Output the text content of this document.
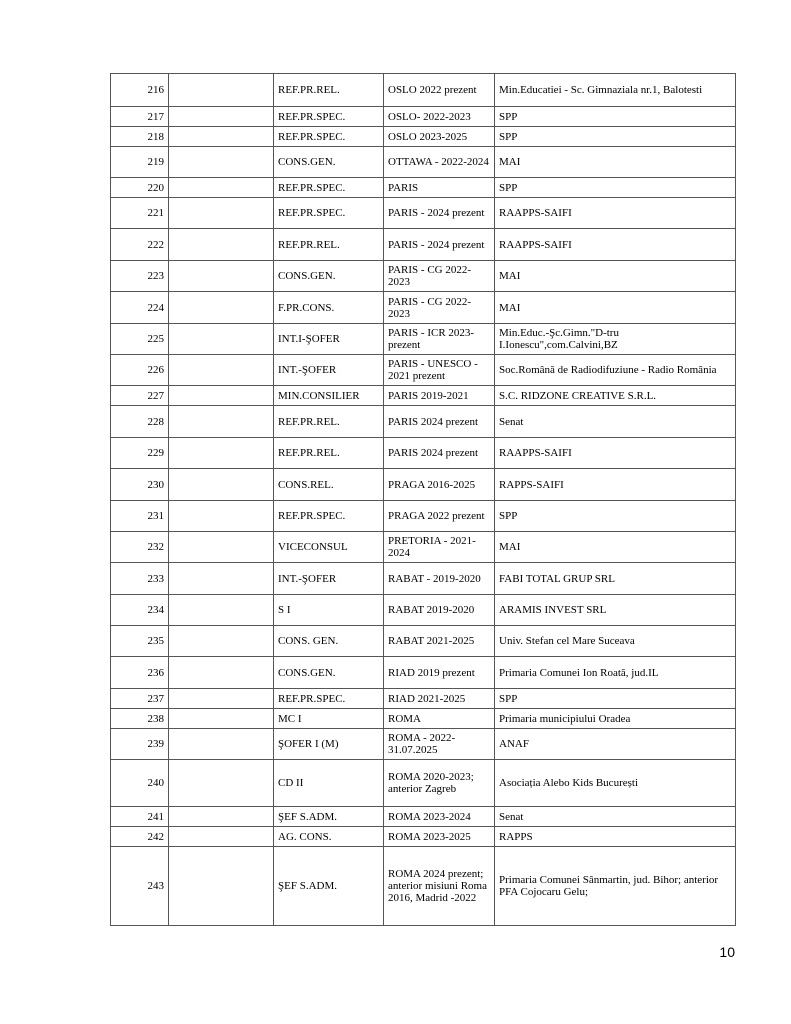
216		REF.PR.REL.	OSLO 2022 prezent	Min.Educatiei - Sc. Gimnaziala nr.1, Balotesti
217		REF.PR.SPEC.	OSLO- 2022-2023	SPP
218		REF.PR.SPEC.	OSLO 2023-2025	SPP
219		CONS.GEN.	OTTAWA - 2022-2024	MAI
220		REF.PR.SPEC.	PARIS	SPP
221		REF.PR.SPEC.	PARIS - 2024 prezent	RAAPPS-SAIFI
222		REF.PR.REL.	PARIS - 2024 prezent	RAAPPS-SAIFI
223		CONS.GEN.	PARIS - CG 2022-2023	MAI
224		F.PR.CONS.	PARIS - CG 2022-2023	MAI
225		INT.I-ŞOFER	PARIS - ICR 2023-prezent	Min.Educ.-Şc.Gimn."D-tru I.Ionescu",com.Calvini,BZ
226		INT.-ŞOFER	PARIS - UNESCO - 2021 prezent	Soc.Română de Radiodifuziune - Radio România
227		MIN.CONSILIER	PARIS 2019-2021	S.C. RIDZONE CREATIVE S.R.L.
228		REF.PR.REL.	PARIS 2024 prezent	Senat
229		REF.PR.REL.	PARIS 2024 prezent	RAAPPS-SAIFI
230		CONS.REL.	PRAGA 2016-2025	RAPPS-SAIFI
231		REF.PR.SPEC.	PRAGA 2022 prezent	SPP
232		VICECONSUL	PRETORIA - 2021-2024	MAI
233		INT.-ŞOFER	RABAT - 2019-2020	FABI TOTAL GRUP SRL
234		S I	RABAT 2019-2020	ARAMIS INVEST SRL
235		CONS. GEN.	RABAT 2021-2025	Univ. Stefan cel Mare Suceava
236		CONS.GEN.	RIAD 2019 prezent	Primaria Comunei Ion Roată, jud.IL
237		REF.PR.SPEC.	RIAD 2021-2025	SPP
238		MC I	ROMA	Primaria municipiului Oradea
239		ŞOFER I (M)	ROMA - 2022-31.07.2025	ANAF
240		CD II	ROMA 2020-2023; anterior Zagreb	Asociația Alebo Kids București
241		ŞEF S.ADM.	ROMA 2023-2024	Senat
242		AG. CONS.	ROMA 2023-2025	RAPPS
243		ŞEF S.ADM.	ROMA 2024 prezent; anterior misiuni Roma 2016, Madrid -2022	Primaria Comunei Sânmartin, jud. Bihor; anterior PFA Cojocaru Gelu;
10
